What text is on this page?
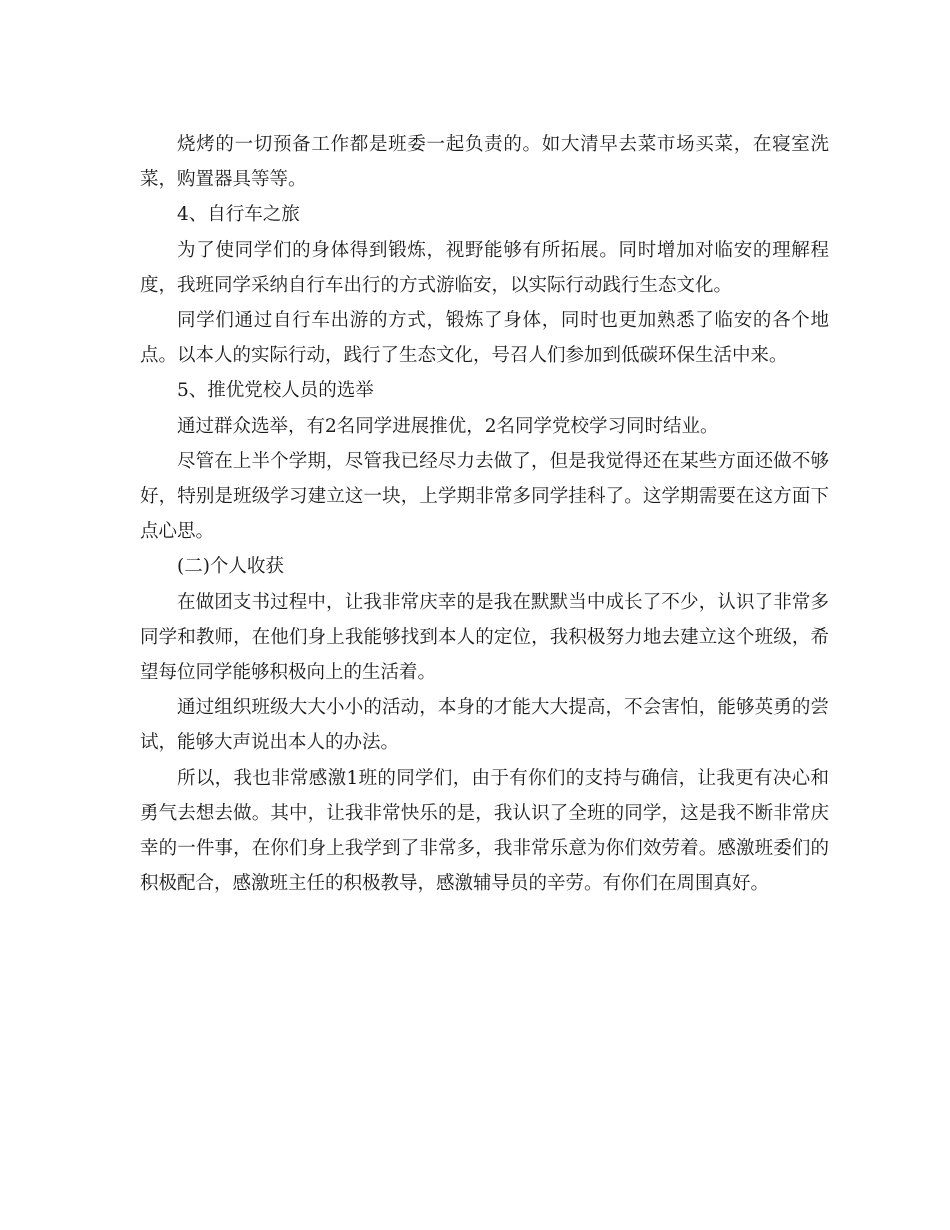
烧烤的一切预备工作都是班委一起负责的。如大清早去菜市场买菜，在寝室洗菜，购置器具等等。

4、自行车之旅

为了使同学们的身体得到锻炼，视野能够有所拓展。同时增加对临安的理解程度，我班同学采纳自行车出行的方式游临安，以实际行动践行生态文化。

同学们通过自行车出游的方式，锻炼了身体，同时也更加熟悉了临安的各个地点。以本人的实际行动，践行了生态文化，号召人们参加到低碳环保生活中来。

5、推优党校人员的选举

通过群众选举，有2名同学进展推优，2名同学党校学习同时结业。

尽管在上半个学期，尽管我已经尽力去做了，但是我觉得还在某些方面还做不够好，特别是班级学习建立这一块，上学期非常多同学挂科了。这学期需要在这方面下点心思。

(二)个人收获

在做团支书过程中，让我非常庆幸的是我在默默当中成长了不少，认识了非常多同学和教师，在他们身上我能够找到本人的定位，我积极努力地去建立这个班级，希望每位同学能够积极向上的生活着。

通过组织班级大大小小的活动，本身的才能大大提高，不会害怕，能够英勇的尝试，能够大声说出本人的办法。

所以，我也非常感激1班的同学们，由于有你们的支持与确信，让我更有决心和勇气去想去做。其中，让我非常快乐的是，我认识了全班的同学，这是我不断非常庆幸的一件事，在你们身上我学到了非常多，我非常乐意为你们效劳着。感激班委们的积极配合，感激班主任的积极教导，感激辅导员的辛劳。有你们在周围真好。
